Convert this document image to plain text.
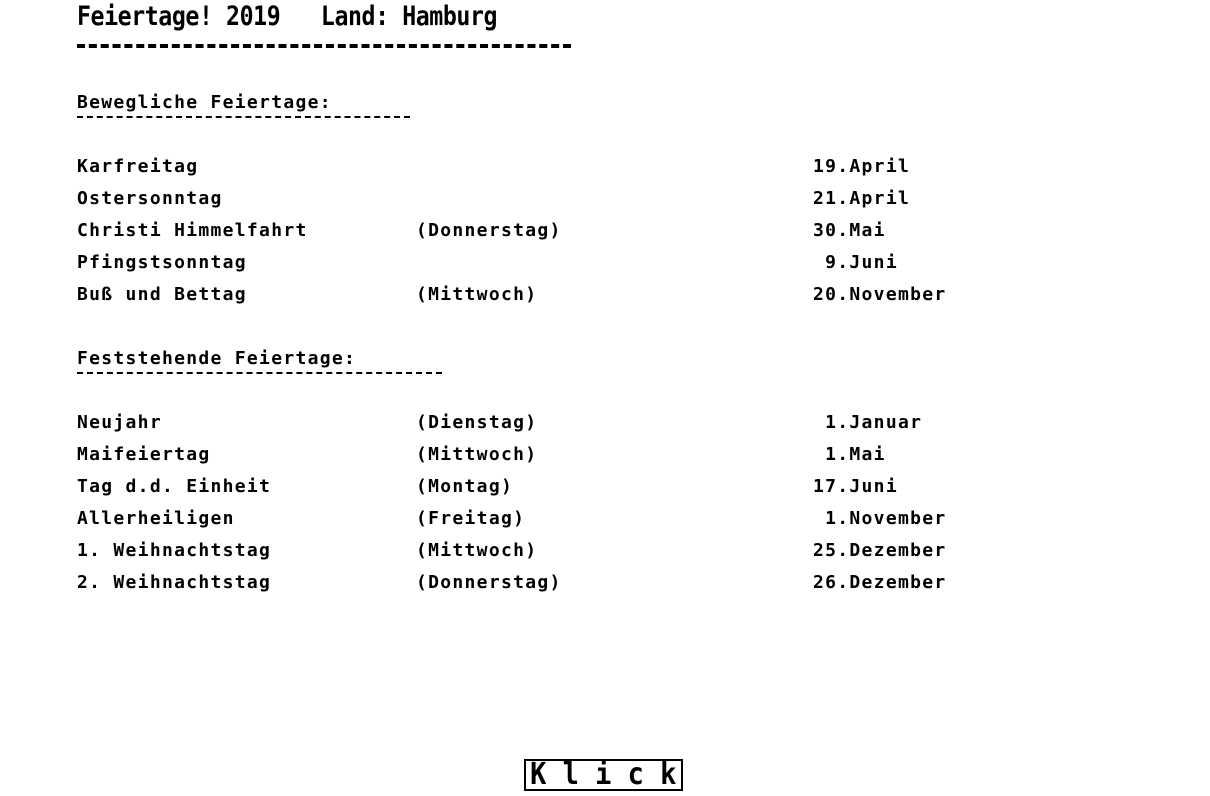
Feiertage! 2019   Land: Hamburg
Bewegliche Feiertage:
Karfreitag	19.April
Ostersonntag	21.April
Christi Himmelfahrt	(Donnerstag)	30.Mai
Pfingstsonntag	9.Juni
Buß und Bettag	(Mittwoch)	20.November
Feststehende Feiertage:
Neujahr	(Dienstag)	1.Januar
Maifeiertag	(Mittwoch)	1.Mai
Tag d.d. Einheit	(Montag)	17.Juni
Allerheiligen	(Freitag)	1.November
1. Weihnachtstag	(Mittwoch)	25.Dezember
2. Weihnachtstag	(Donnerstag)	26.Dezember
K l i c k
